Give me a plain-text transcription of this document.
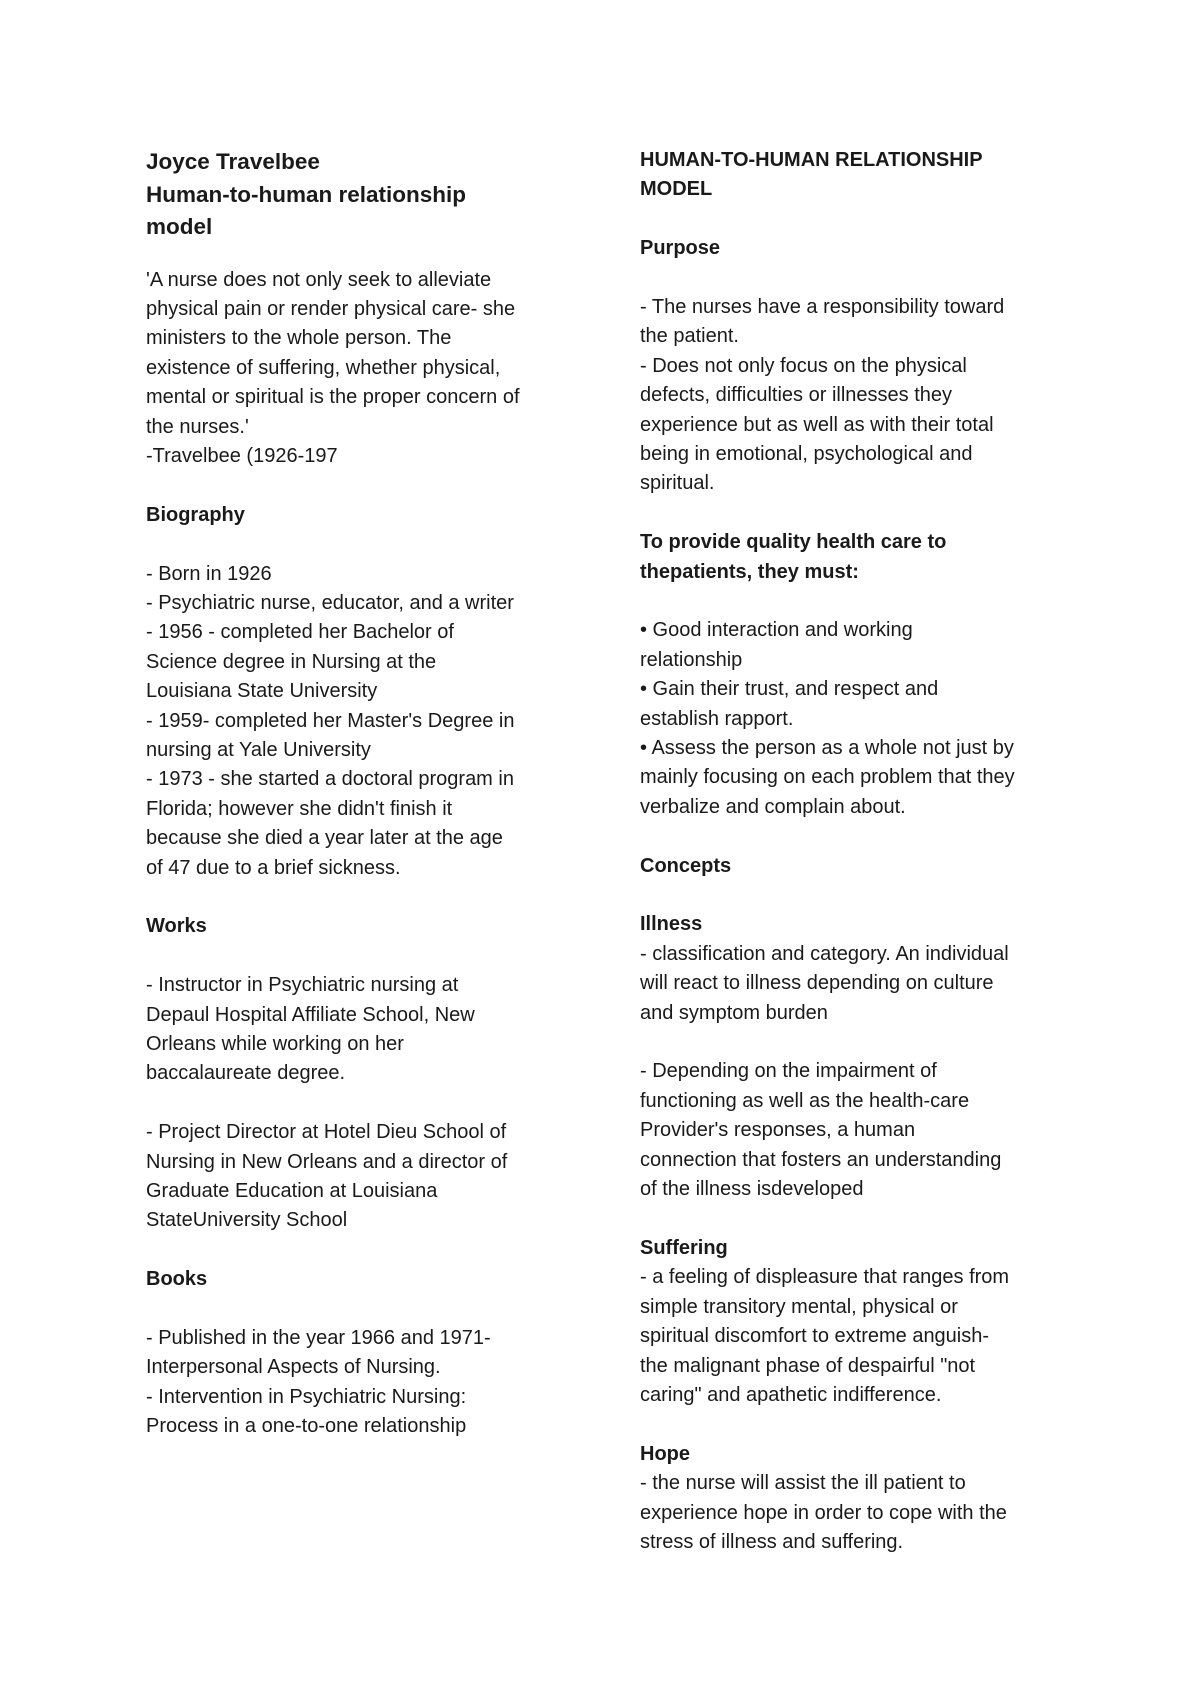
Joyce Travelbee
Human-to-human relationship
model
'A nurse does not only seek to alleviate
physical pain or render physical care- she
ministers to the whole person. The
existence of suffering, whether physical,
mental or spiritual is the proper concern of
the nurses.'
-Travelbee (1926-197
Biography
- Born in 1926
- Psychiatric nurse, educator, and a writer
- 1956 - completed her Bachelor of
Science degree in Nursing at the
Louisiana State University
- 1959- completed her Master's Degree in
nursing at Yale University
- 1973 - she started a doctoral program in
Florida; however she didn't finish it
because she died a year later at the age
of 47 due to a brief sickness.
Works
- Instructor in Psychiatric nursing at
Depaul Hospital Affiliate School, New
Orleans while working on her
baccalaureate degree.
- Project Director at Hotel Dieu School of
Nursing in New Orleans and a director of
Graduate Education at Louisiana
StateUniversity School
Books
- Published in the year 1966 and 1971-
Interpersonal Aspects of Nursing.
- Intervention in Psychiatric Nursing:
Process in a one-to-one relationship
HUMAN-TO-HUMAN RELATIONSHIP
MODEL
Purpose
- The nurses have a responsibility toward
the patient.
- Does not only focus on the physical
defects, difficulties or illnesses they
experience but as well as with their total
being in emotional, psychological and
spiritual.
To provide quality health care to
thepatients, they must:
• Good interaction and working
relationship
• Gain their trust, and respect and
establish rapport.
• Assess the person as a whole not just by
mainly focusing on each problem that they
verbalize and complain about.
Concepts
Illness
- classification and category. An individual
will react to illness depending on culture
and symptom burden
- Depending on the impairment of
functioning as well as the health-care
Provider's responses, a human
connection that fosters an understanding
of the illness isdeveloped
Suffering
- a feeling of displeasure that ranges from
simple transitory mental, physical or
spiritual discomfort to extreme anguish-
the malignant phase of despairful "not
caring" and apathetic indifference.
Hope
- the nurse will assist the ill patient to
experience hope in order to cope with the
stress of illness and suffering.
